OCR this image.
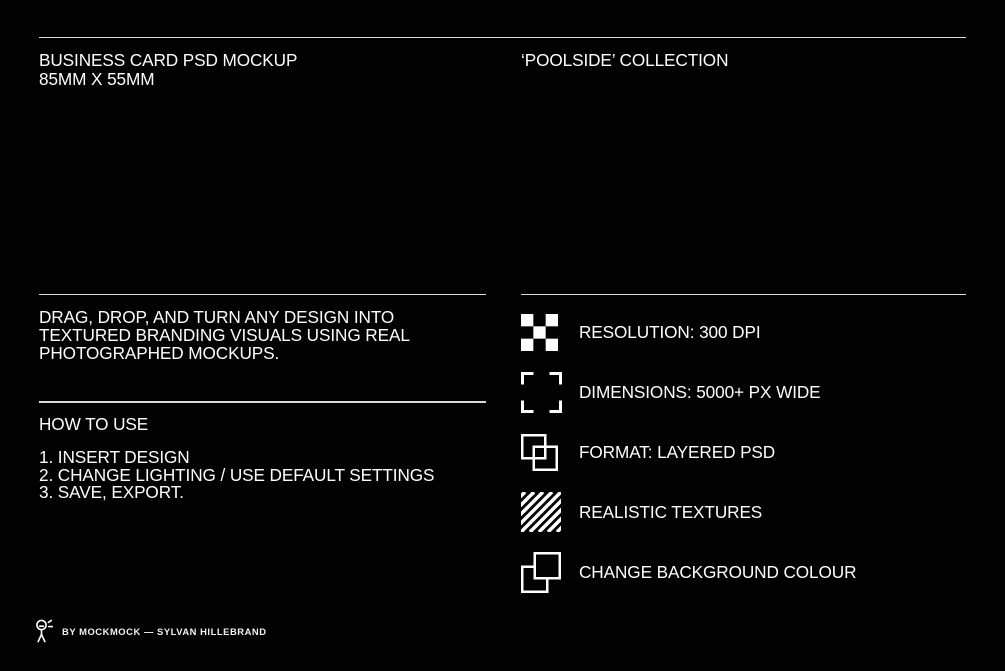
BUSINESS CARD PSD MOCKUP
85MM X 55MM
‘POOLSIDE’ COLLECTION
DRAG, DROP, AND TURN ANY DESIGN INTO
TEXTURED BRANDING VISUALS USING REAL
PHOTOGRAPHED MOCKUPS.
HOW TO USE
1. INSERT DESIGN
2. CHANGE LIGHTING / USE DEFAULT SETTINGS
3. SAVE, EXPORT.
RESOLUTION: 300 DPI
DIMENSIONS: 5000+ PX WIDE
FORMAT: LAYERED PSD
REALISTIC TEXTURES
CHANGE BACKGROUND COLOUR
BY MOCKMOCK — SYLVAN HILLEBRAND
